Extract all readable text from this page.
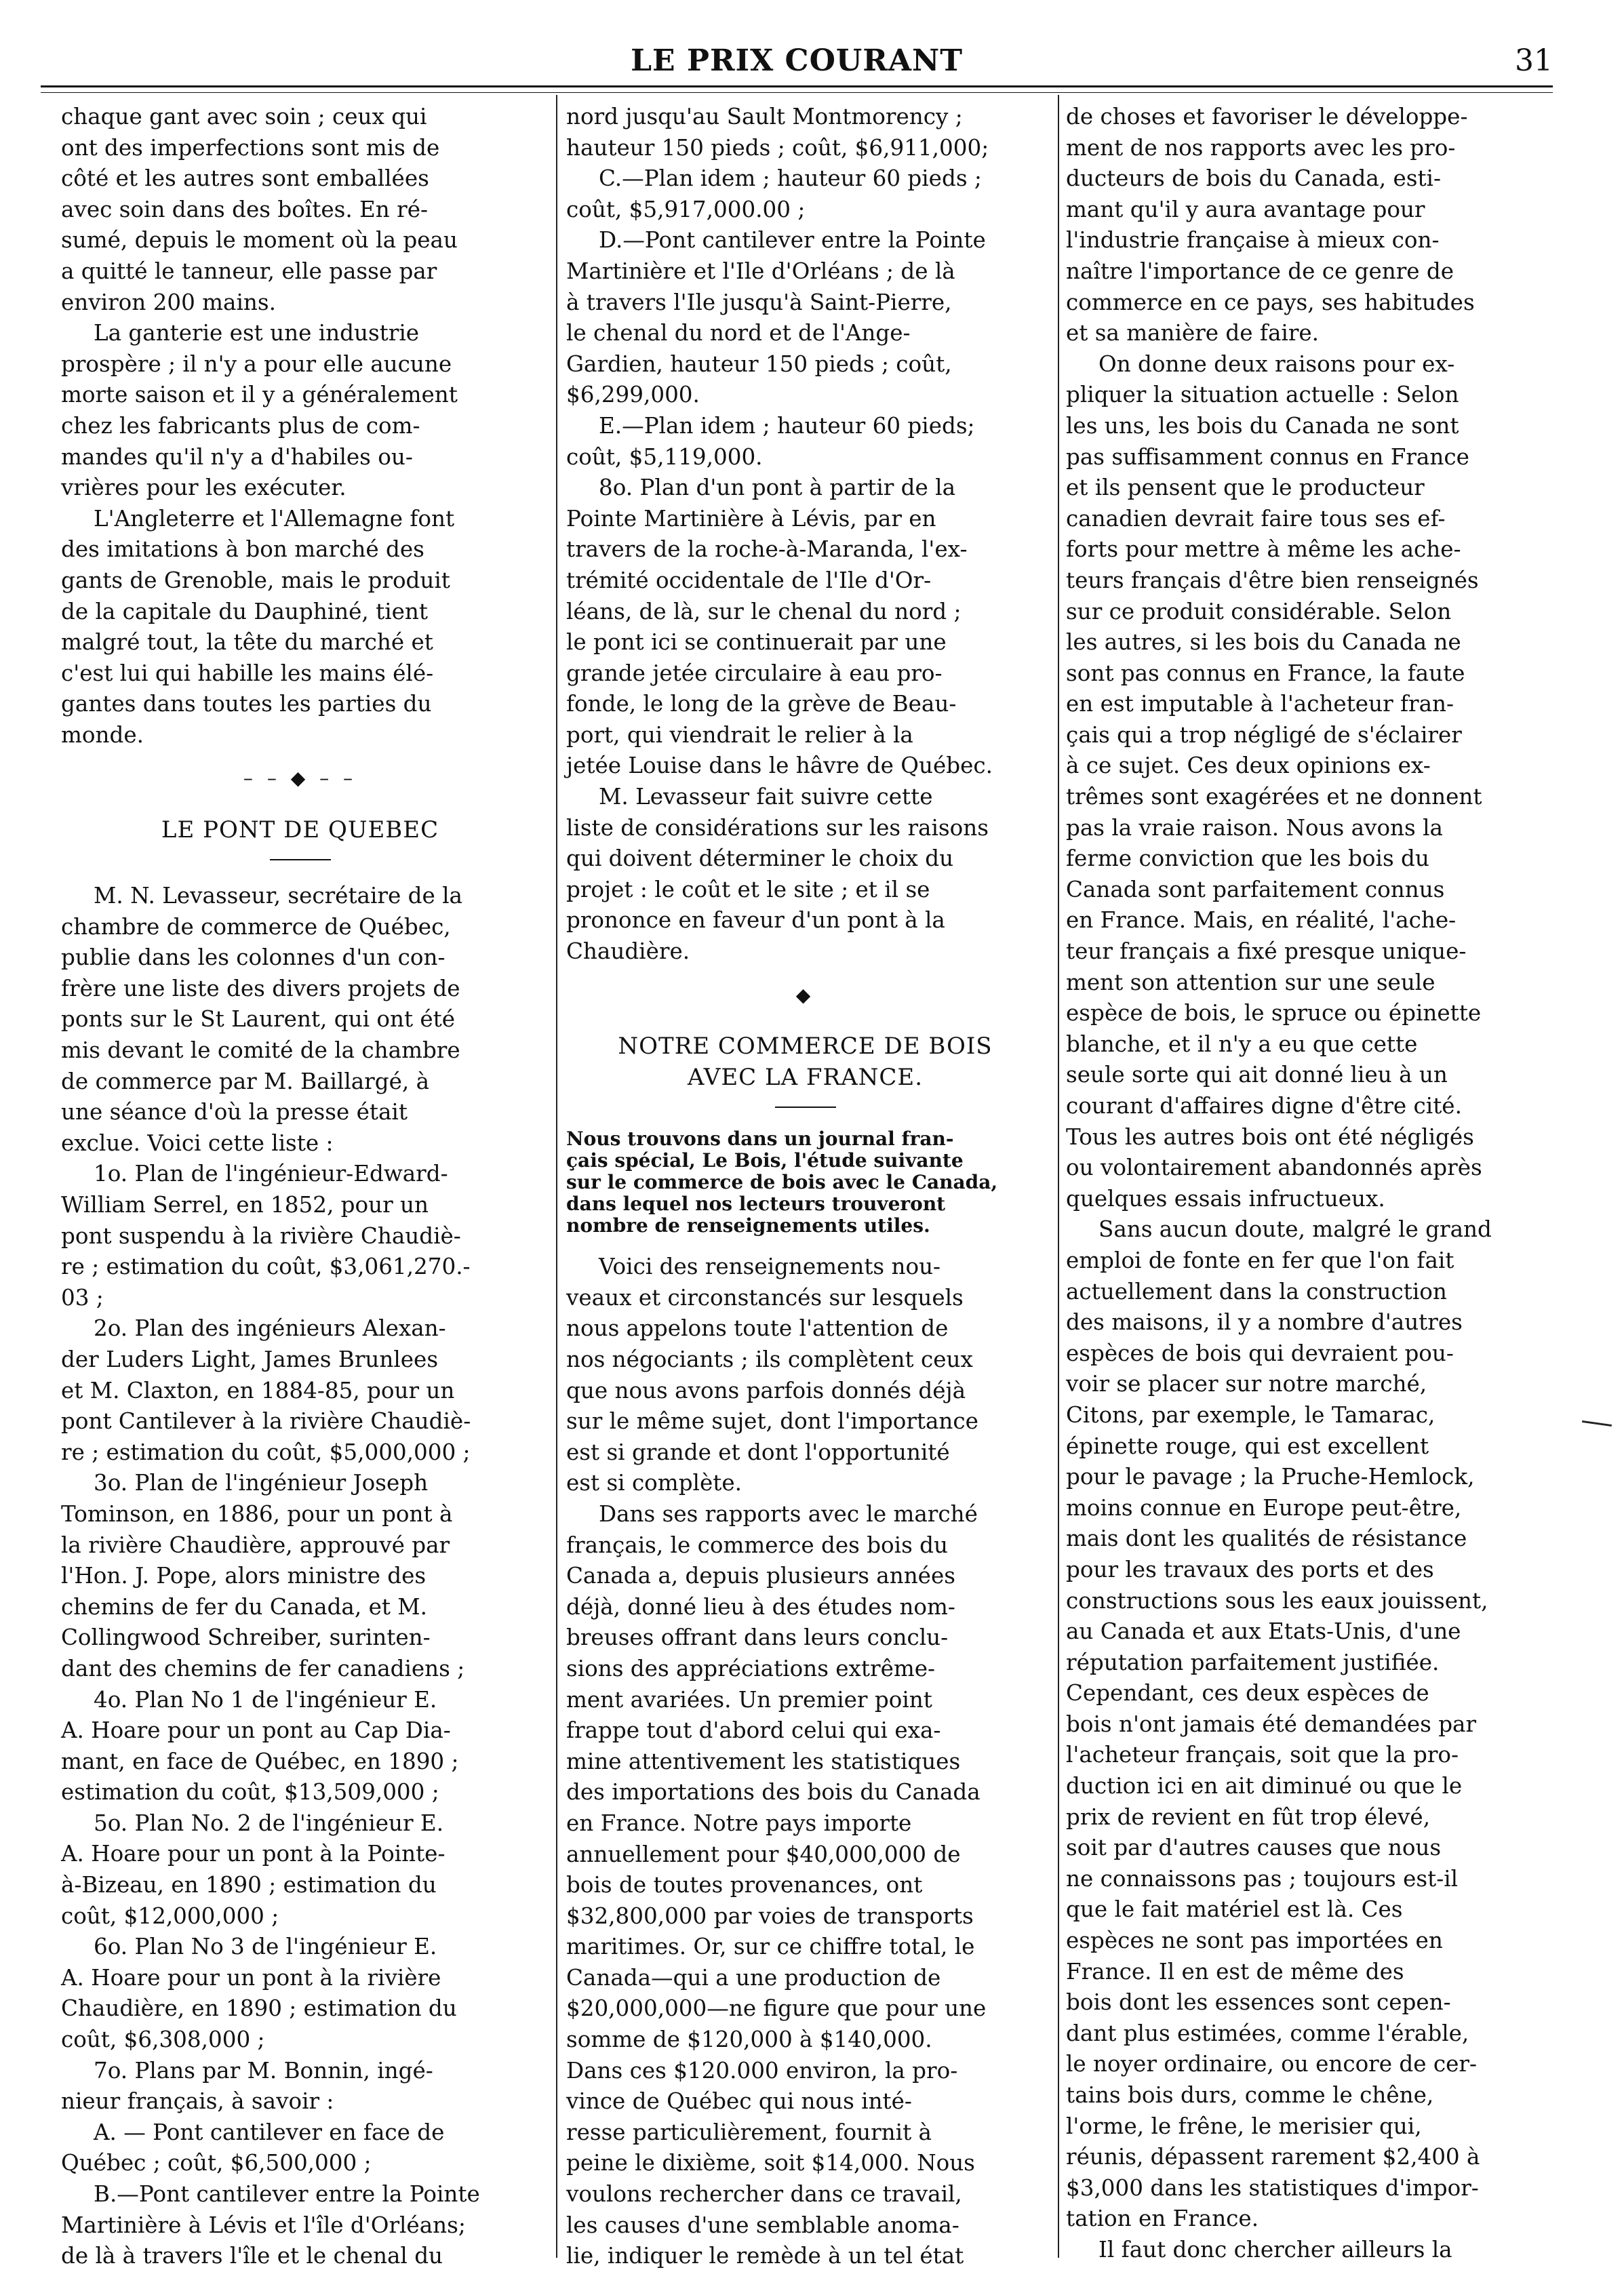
LE PRIX COURANT	31

chaque gant avec soin ; ceux qui

ont des imperfections sont mis de

côté et les autres sont emballées

avec soin dans des boîtes. En ré-

sumé, depuis le moment où la peau

a quitté le tanneur, elle passe par

environ 200 mains.

La ganterie est une industrie

prospère ; il n'y a pour elle aucune

morte saison et il y a généralement

chez les fabricants plus de com-

mandes qu'il n'y a d'habiles ou-

vrières pour les exécuter.

L'Angleterre et l'Allemagne font

des imitations à bon marché des

gants de Grenoble, mais le produit

de la capitale du Dauphiné, tient

malgré tout, la tête du marché et

c'est lui qui habille les mains élé-

gantes dans toutes les parties du

monde.

– – ◆ – –
LE PONT DE QUEBEC

M. N. Levasseur, secrétaire de la

chambre de commerce de Québec,

publie dans les colonnes d'un con-

frère une liste des divers projets de

ponts sur le St Laurent, qui ont été

mis devant le comité de la chambre

de commerce par M. Baillargé, à

une séance d'où la presse était

exclue. Voici cette liste :

1o. Plan de l'ingénieur-Edward-

William Serrel, en 1852, pour un

pont suspendu à la rivière Chaudiè-

re ; estimation du coût, $3,061,270.-

03 ;

2o. Plan des ingénieurs Alexan-

der Luders Light, James Brunlees

et M. Claxton, en 1884-85, pour un

pont Cantilever à la rivière Chaudiè-

re ; estimation du coût, $5,000,000 ;

3o. Plan de l'ingénieur Joseph

Tominson, en 1886, pour un pont à

la rivière Chaudière, approuvé par

l'Hon. J. Pope, alors ministre des

chemins de fer du Canada, et M.

Collingwood Schreiber, surinten-

dant des chemins de fer canadiens ;

4o. Plan No 1 de l'ingénieur E.

A. Hoare pour un pont au Cap Dia-

mant, en face de Québec, en 1890 ;

estimation du coût, $13,509,000 ;

5o. Plan No. 2 de l'ingénieur E.

A. Hoare pour un pont à la Pointe-

à-Bizeau, en 1890 ; estimation du

coût, $12,000,000 ;

6o. Plan No 3 de l'ingénieur E.

A. Hoare pour un pont à la rivière

Chaudière, en 1890 ; estimation du

coût, $6,308,000 ;

7o. Plans par M. Bonnin, ingé-

nieur français, à savoir :

A. — Pont cantilever en face de

Québec ; coût, $6,500,000 ;

B.—Pont cantilever entre la Pointe

Martinière à Lévis et l'île d'Orléans;

de là à travers l'île et le chenal du

nord jusqu'au Sault Montmorency ;

hauteur 150 pieds ; coût, $6,911,000;

C.—Plan idem ; hauteur 60 pieds ;

coût, $5,917,000.00 ;

D.—Pont cantilever entre la Pointe

Martinière et l'Ile d'Orléans ; de là

à travers l'Ile jusqu'à Saint-Pierre,

le chenal du nord et de l'Ange-

Gardien, hauteur 150 pieds ; coût,

$6,299,000.

E.—Plan idem ; hauteur 60 pieds;

coût, $5,119,000.

8o. Plan d'un pont à partir de la

Pointe Martinière à Lévis, par en

travers de la roche-à-Maranda, l'ex-

trémité occidentale de l'Ile d'Or-

léans, de là, sur le chenal du nord ;

le pont ici se continuerait par une

grande jetée circulaire à eau pro-

fonde, le long de la grève de Beau-

port, qui viendrait le relier à la

jetée Louise dans le hâvre de Québec.

M. Levasseur fait suivre cette

liste de considérations sur les raisons

qui doivent déterminer le choix du

projet : le coût et le site ; et il se

prononce en faveur d'un pont à la

Chaudière.

◆
NOTRE COMMERCE DE BOIS
AVEC LA FRANCE.

Nous trouvons dans un journal fran-

çais spécial, Le Bois, l'étude suivante

sur le commerce de bois avec le Canada,

dans lequel nos lecteurs trouveront

nombre de renseignements utiles.

Voici des renseignements nou-

veaux et circonstancés sur lesquels

nous appelons toute l'attention de

nos négociants ; ils complètent ceux

que nous avons parfois donnés déjà

sur le même sujet, dont l'importance

est si grande et dont l'opportunité

est si complète.

Dans ses rapports avec le marché

français, le commerce des bois du

Canada a, depuis plusieurs années

déjà, donné lieu à des études nom-

breuses offrant dans leurs conclu-

sions des appréciations extrême-

ment avariées. Un premier point

frappe tout d'abord celui qui exa-

mine attentivement les statistiques

des importations des bois du Canada

en France. Notre pays importe

annuellement pour $40,000,000 de

bois de toutes provenances, ont

$32,800,000 par voies de transports

maritimes. Or, sur ce chiffre total, le

Canada—qui a une production de

$20,000,000—ne figure que pour une

somme de $120,000 à $140,000.

Dans ces $120.000 environ, la pro-

vince de Québec qui nous inté-

resse particulièrement, fournit à

peine le dixième, soit $14,000. Nous

voulons rechercher dans ce travail,

les causes d'une semblable anoma-

lie, indiquer le remède à un tel état

de choses et favoriser le développe-

ment de nos rapports avec les pro-

ducteurs de bois du Canada, esti-

mant qu'il y aura avantage pour

l'industrie française à mieux con-

naître l'importance de ce genre de

commerce en ce pays, ses habitudes

et sa manière de faire.

On donne deux raisons pour ex-

pliquer la situation actuelle : Selon

les uns, les bois du Canada ne sont

pas suffisamment connus en France

et ils pensent que le producteur

canadien devrait faire tous ses ef-

forts pour mettre à même les ache-

teurs français d'être bien renseignés

sur ce produit considérable. Selon

les autres, si les bois du Canada ne

sont pas connus en France, la faute

en est imputable à l'acheteur fran-

çais qui a trop négligé de s'éclairer

à ce sujet. Ces deux opinions ex-

trêmes sont exagérées et ne donnent

pas la vraie raison. Nous avons la

ferme conviction que les bois du

Canada sont parfaitement connus

en France. Mais, en réalité, l'ache-

teur français a fixé presque unique-

ment son attention sur une seule

espèce de bois, le spruce ou épinette

blanche, et il n'y a eu que cette

seule sorte qui ait donné lieu à un

courant d'affaires digne d'être cité.

Tous les autres bois ont été négligés

ou volontairement abandonnés après

quelques essais infructueux.

Sans aucun doute, malgré le grand

emploi de fonte en fer que l'on fait

actuellement dans la construction

des maisons, il y a nombre d'autres

espèces de bois qui devraient pou-

voir se placer sur notre marché,

Citons, par exemple, le Tamarac,

épinette rouge, qui est excellent

pour le pavage ; la Pruche-Hemlock,

moins connue en Europe peut-être,

mais dont les qualités de résistance

pour les travaux des ports et des

constructions sous les eaux jouissent,

au Canada et aux Etats-Unis, d'une

réputation parfaitement justifiée.

Cependant, ces deux espèces de

bois n'ont jamais été demandées par

l'acheteur français, soit que la pro-

duction ici en ait diminué ou que le

prix de revient en fût trop élevé,

soit par d'autres causes que nous

ne connaissons pas ; toujours est-il

que le fait matériel est là. Ces

espèces ne sont pas importées en

France. Il en est de même des

bois dont les essences sont cepen-

dant plus estimées, comme l'érable,

le noyer ordinaire, ou encore de cer-

tains bois durs, comme le chêne,

l'orme, le frêne, le merisier qui,

réunis, dépassent rarement $2,400 à

$3,000 dans les statistiques d'impor-

tation en France.

Il faut donc chercher ailleurs la
